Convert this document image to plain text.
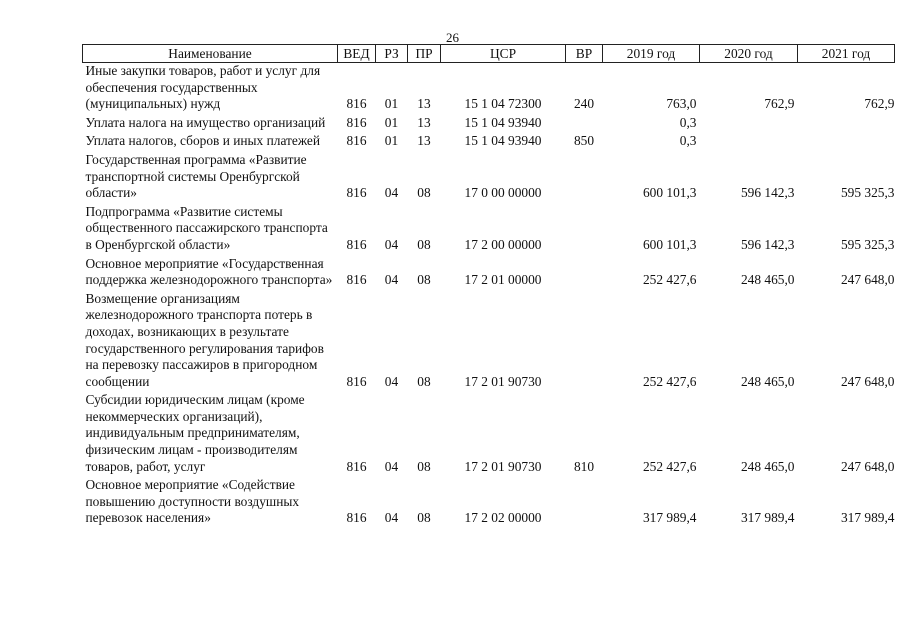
26
Наименование	ВЕД	РЗ	ПР	ЦСР	ВР	2019 год	2020 год	2021 год
Иные закупки товаров, работ и услуг для обеспечения государственных (муниципальных) нужд	816	01	13	15 1 04 72300	240	763,0	762,9	762,9
Уплата налога на имущество организаций	816	01	13	15 1 04 93940		0,3		
Уплата налогов, сборов и иных платежей	816	01	13	15 1 04 93940	850	0,3		
Государственная программа «Развитие транспортной системы Оренбургской области»	816	04	08	17 0 00 00000		600 101,3	596 142,3	595 325,3
Подпрограмма «Развитие системы общественного пассажирского транспорта в Оренбургской области»	816	04	08	17 2 00 00000		600 101,3	596 142,3	595 325,3
Основное мероприятие «Государственная поддержка железнодорожного транспорта»	816	04	08	17 2 01 00000		252 427,6	248 465,0	247 648,0
Возмещение организациям железнодорожного транспорта потерь в доходах, возникающих в результате государственного регулирования тарифов на перевозку пассажиров в пригородном сообщении	816	04	08	17 2 01 90730		252 427,6	248 465,0	247 648,0
Субсидии юридическим лицам (кроме некоммерческих организаций), индивидуальным предпринимателям, физическим лицам - производителям товаров, работ, услуг	816	04	08	17 2 01 90730	810	252 427,6	248 465,0	247 648,0
Основное мероприятие «Содействие повышению доступности воздушных перевозок населения»	816	04	08	17 2 02 00000		317 989,4	317 989,4	317 989,4
